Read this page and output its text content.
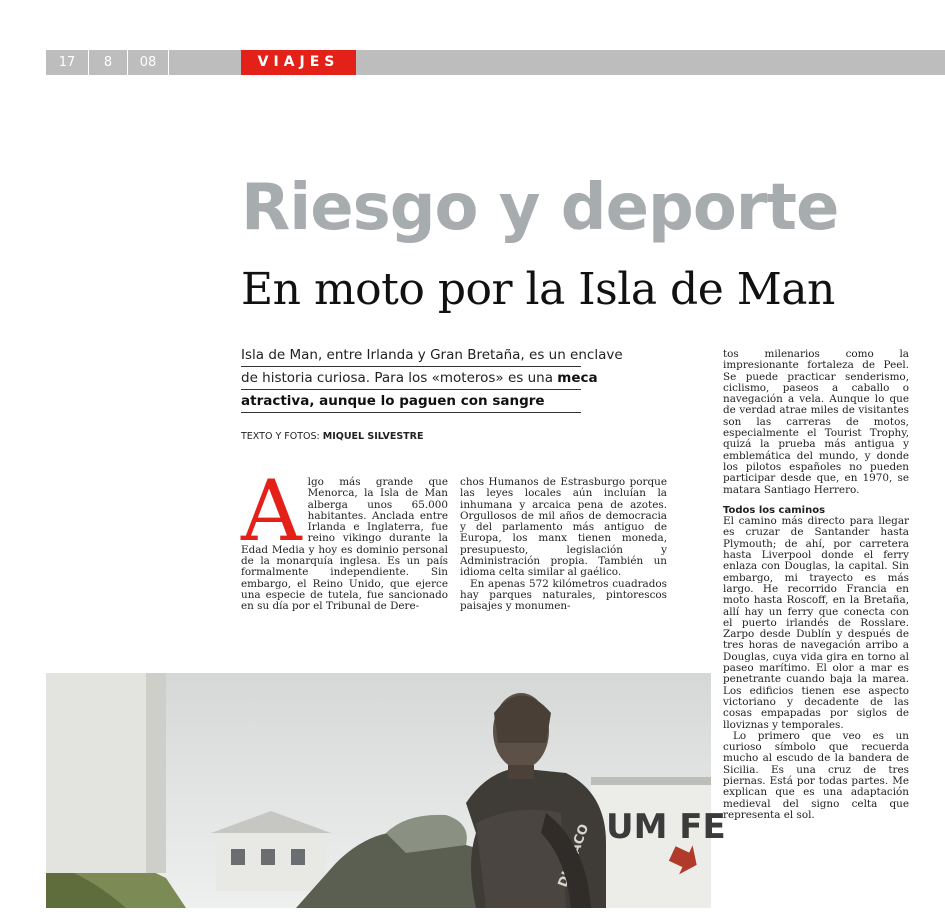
17	8	08	VIAJES
Riesgo y deporte
En moto por la Isla de Man
Isla de Man, entre Irlanda y Gran Bretaña, es un enclave
de historia curiosa. Para los «moteros» es una meca
atractiva, aunque lo paguen con sangre
TEXTO Y FOTOS: MIQUEL SILVESTRE
A lgo más grande que Menorca, la Isla de Man alberga unos 65.000 habitantes. Anclada entre Irlanda e Inglaterra, fue reino vikingo durante la Edad Media y hoy es dominio personal de la monarquía inglesa. Es un país formalmente independiente. Sin embargo, el Reino Unido, que ejerce una especie de tutela, fue sancionado en su día por el Tribunal de Dere-

chos Humanos de Estrasburgo porque las leyes locales aún incluían la inhumana y arcaica pena de azotes. Orgullosos de mil años de democracia y del parlamento más antiguo de Europa, los manx tienen moneda, presupuesto, legislación y Administración propia. También un idioma celta similar al gaélico.

En apenas 572 kilómetros cuadrados hay parques naturales, pintorescos paisajes y monumen-

tos milenarios como la impresionante fortaleza de Peel. Se puede practicar senderismo, ciclismo, paseos a caballo o navegación a vela. Aunque lo que de verdad atrae miles de visitantes son las carreras de motos, especialmente el Tourist Trophy, quizá la prueba más antigua y emblemática del mundo, y donde los pilotos españoles no pueden participar desde que, en 1970, se matara Santiago Herrero.

Todos los caminos

El camino más directo para llegar es cruzar de Santander hasta Plymouth; de ahí, por carretera hasta Liverpool donde el ferry enlaza con Douglas, la capital. Sin embargo, mi trayecto es más largo. He recorrido Francia en moto hasta Roscoff, en la Bretaña, allí hay un ferry que conecta con el puerto irlandés de Rosslare. Zarpo desde Dublín y después de tres horas de navegación arribo a Douglas, cuya vida gira en torno al paseo marítimo. El olor a mar es penetrante cuando baja la marea. Los edificios tienen ese aspecto victoriano y decadente de las cosas empapadas por siglos de lloviznas y temporales.

Lo primero que veo es un curioso símbolo que recuerda mucho al escudo de la bandera de Sicilia. Es una cruz de tres piernas. Está por todas partes. Me explican que es una adaptación medieval del signo celta que representa el sol.

UM FE
